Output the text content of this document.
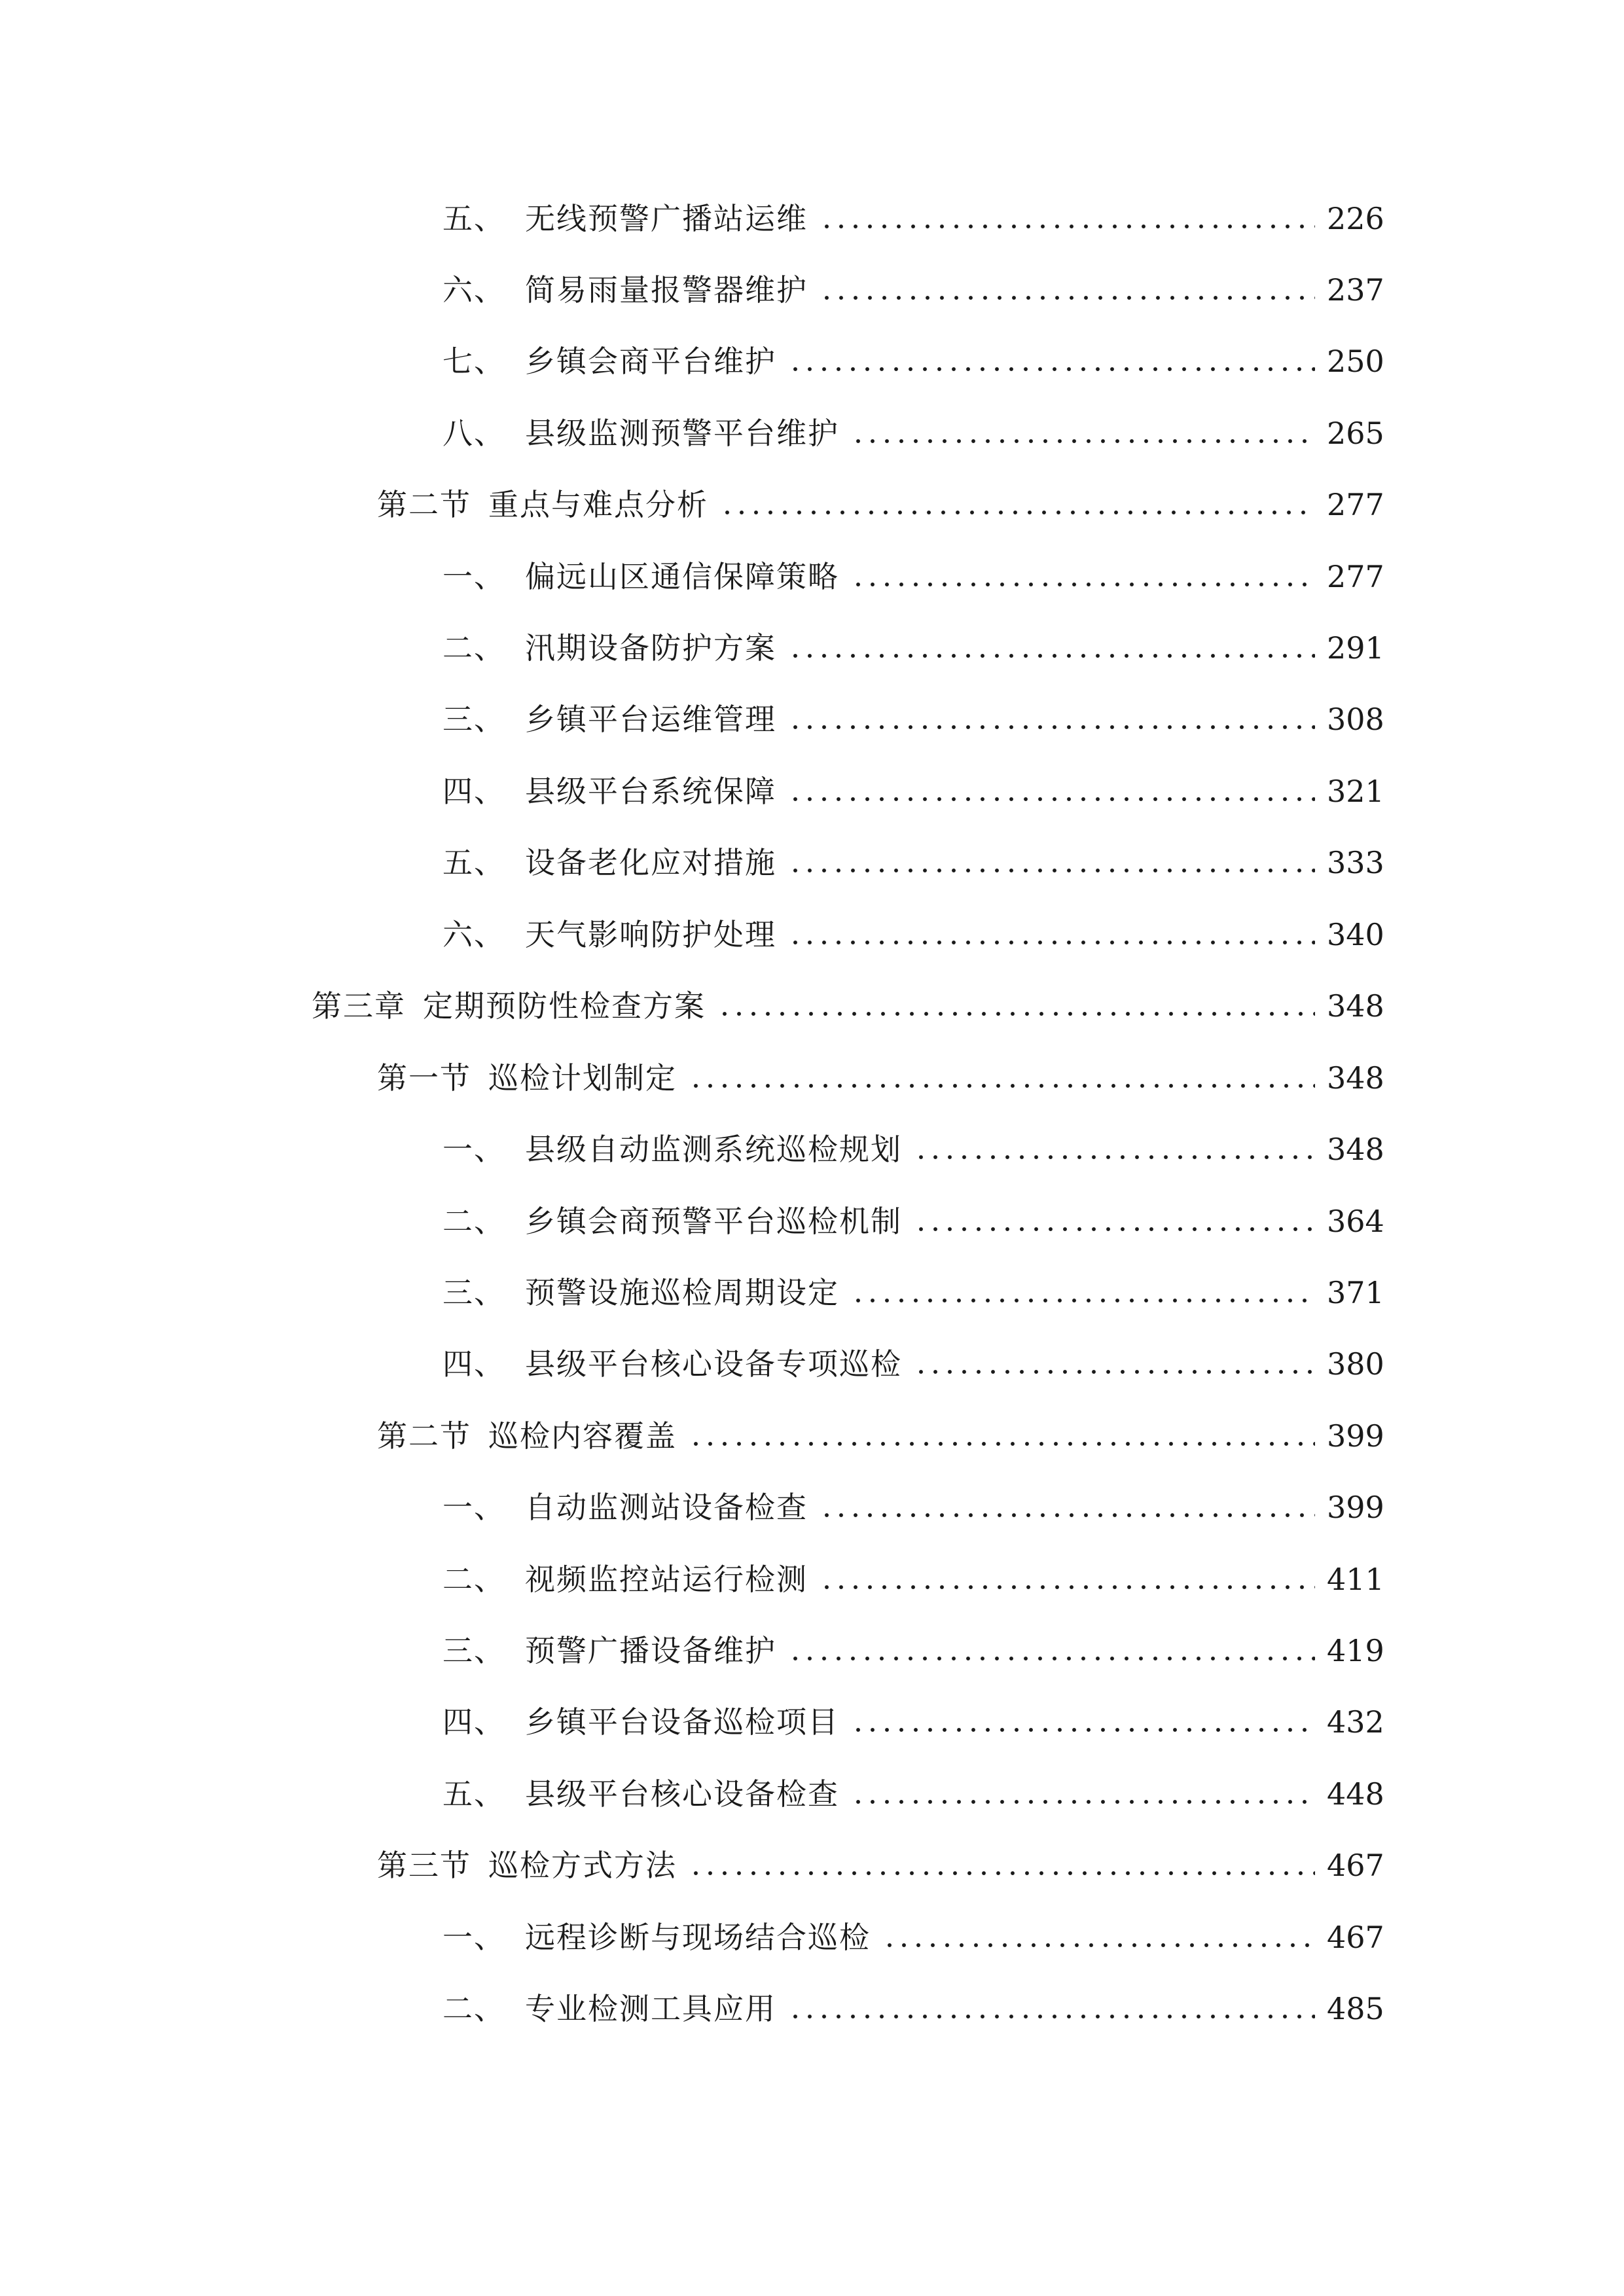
五、 无线预警广播站运维	226
六、 简易雨量报警器维护	237
七、 乡镇会商平台维护	250
八、 县级监测预警平台维护	265
第二节 重点与难点分析	277
一、 偏远山区通信保障策略	277
二、 汛期设备防护方案	291
三、 乡镇平台运维管理	308
四、 县级平台系统保障	321
五、 设备老化应对措施	333
六、 天气影响防护处理	340
第三章 定期预防性检查方案	348
第一节 巡检计划制定	348
一、 县级自动监测系统巡检规划	348
二、 乡镇会商预警平台巡检机制	364
三、 预警设施巡检周期设定	371
四、 县级平台核心设备专项巡检	380
第二节 巡检内容覆盖	399
一、 自动监测站设备检查	399
二、 视频监控站运行检测	411
三、 预警广播设备维护	419
四、 乡镇平台设备巡检项目	432
五、 县级平台核心设备检查	448
第三节 巡检方式方法	467
一、 远程诊断与现场结合巡检	467
二、 专业检测工具应用	485
